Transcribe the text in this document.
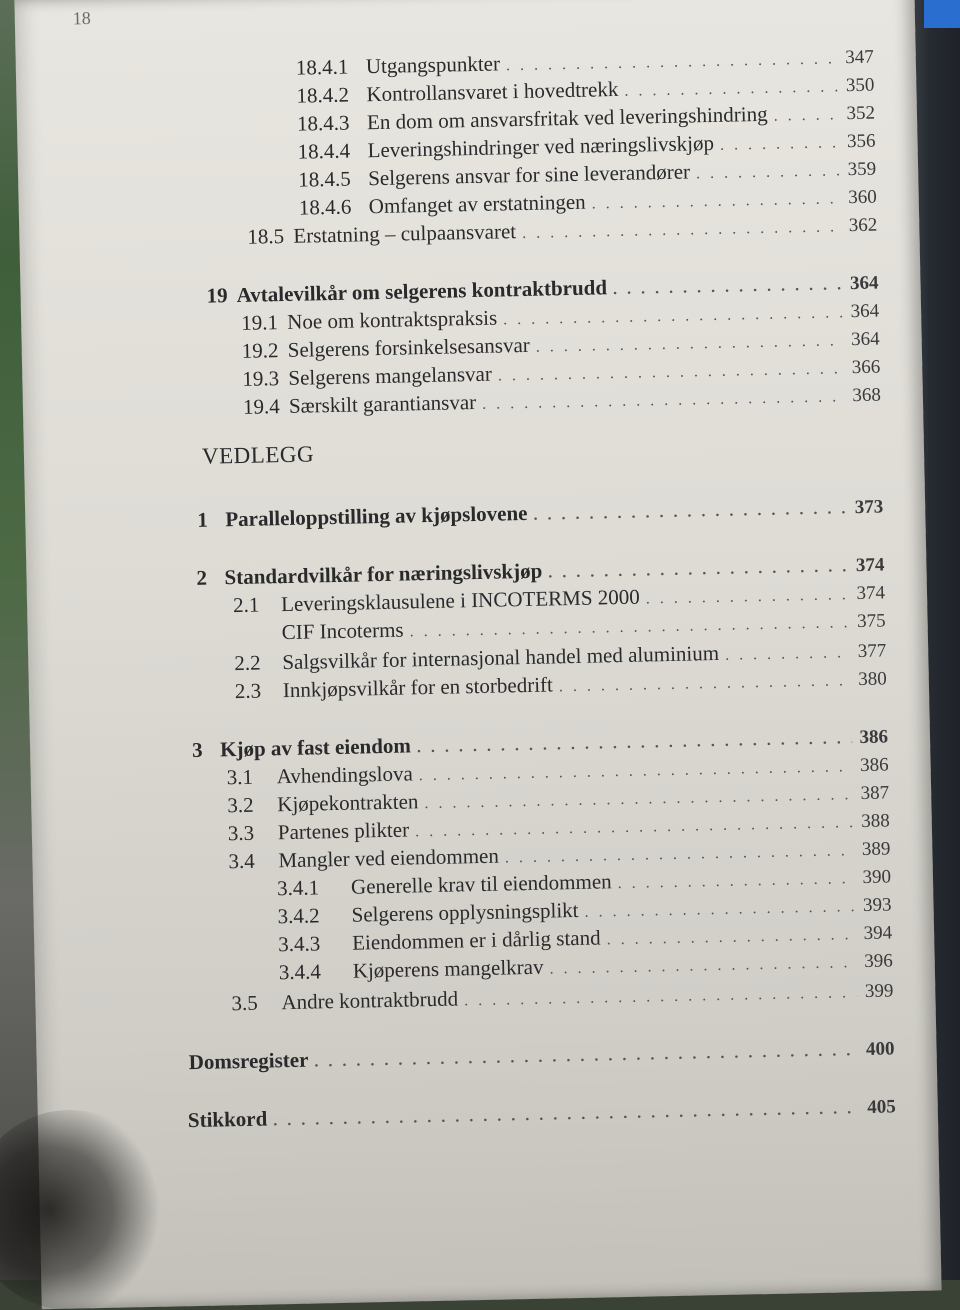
18
18.4.1 Utgangspunkter . . .	347
18.4.2 Kontrollansvaret i hovedtrekk . . .	350
18.4.3 En dom om ansvarsfritak ved leveringshindring . . .	352
18.4.4 Leveringshindringer ved næringslivskjøp . . .	356
18.4.5 Selgerens ansvar for sine leverandører . . .	359
18.4.6 Omfanget av erstatningen . . .	360
18.5 Erstatning – culpaansvaret . . .	362
19 Avtalevilkår om selgerens kontraktbrudd . . .	364
19.1 Noe om kontraktspraksis . . .	364
19.2 Selgerens forsinkelsesansvar . . .	364
19.3 Selgerens mangelansvar . . .	366
19.4 Særskilt garantiansvar . . .	368
VEDLEGG
1 Paralleloppstilling av kjøpslovene . . .	373
2 Standardvilkår for næringslivskjøp . . .	374
2.1	Leveringsklausulene i INCOTERMS 2000 . . .	374
CIF Incoterms . . .	375
2.2	Salgsvilkår for internasjonal handel med aluminium . . .	377
2.3	Innkjøpsvilkår for en storbedrift . . .	380
3 Kjøp av fast eiendom . . .	386
3.1	Avhendingslova . . .	386
3.2	Kjøpekontrakten . . .	387
3.3	Partenes plikter . . .	388
3.4	Mangler ved eiendommen . . .	389
3.4.1	Generelle krav til eiendommen . . .	390
3.4.2	Selgerens opplysningsplikt . . .	393
3.4.3	Eiendommen er i dårlig stand . . .	394
3.4.4	Kjøperens mangelkrav . . .	396
3.5	Andre kontraktbrudd . . .	399
Domsregister . . .	400
Stikkord . . .	405
